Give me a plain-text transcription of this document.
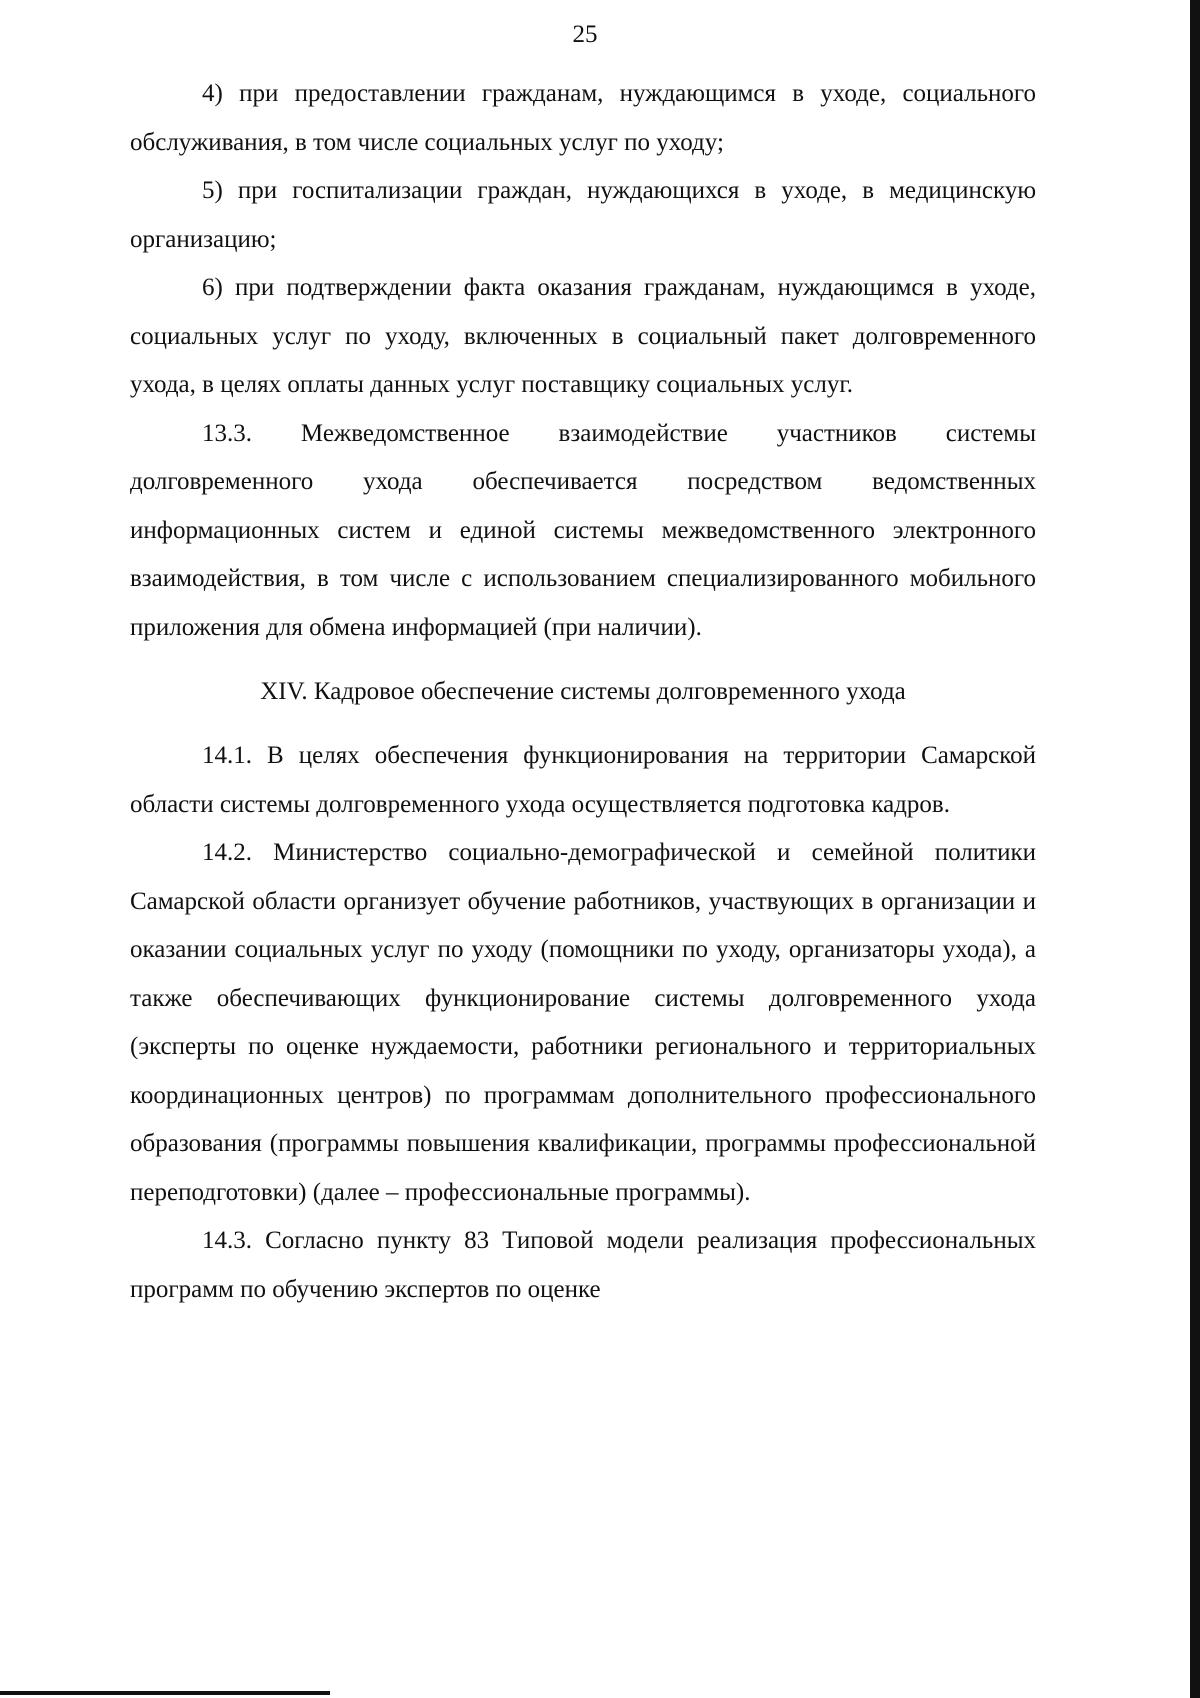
25

4) при предоставлении гражданам, нуждающимся в уходе, социального обслуживания, в том числе социальных услуг по уходу;

5) при госпитализации граждан, нуждающихся в уходе, в медицинскую организацию;

6) при подтверждении факта оказания гражданам, нуждающимся в уходе, социальных услуг по уходу, включенных в социальный пакет долговременного ухода, в целях оплаты данных услуг поставщику социальных услуг.

13.3. Межведомственное взаимодействие участников системы долговременного ухода обеспечивается посредством ведомственных информационных систем и единой системы межведомственного электронного взаимодействия, в том числе с использованием специализированного мобильного приложения для обмена информацией (при наличии).

XIV. Кадровое обеспечение системы долговременного ухода

14.1. В целях обеспечения функционирования на территории Самарской области системы долговременного ухода осуществляется подготовка кадров.

14.2. Министерство социально-демографической и семейной политики Самарской области организует обучение работников, участвующих в организации и оказании социальных услуг по уходу (помощники по уходу, организаторы ухода), а также обеспечивающих функционирование системы долговременного ухода (эксперты по оценке нуждаемости, работники регионального и территориальных координационных центров) по программам дополнительного профессионального образования (программы повышения квалификации, программы профессиональной переподготовки) (далее – профессиональные программы).

14.3. Согласно пункту 83 Типовой модели реализация профессиональных программ по обучению экспертов по оценке
